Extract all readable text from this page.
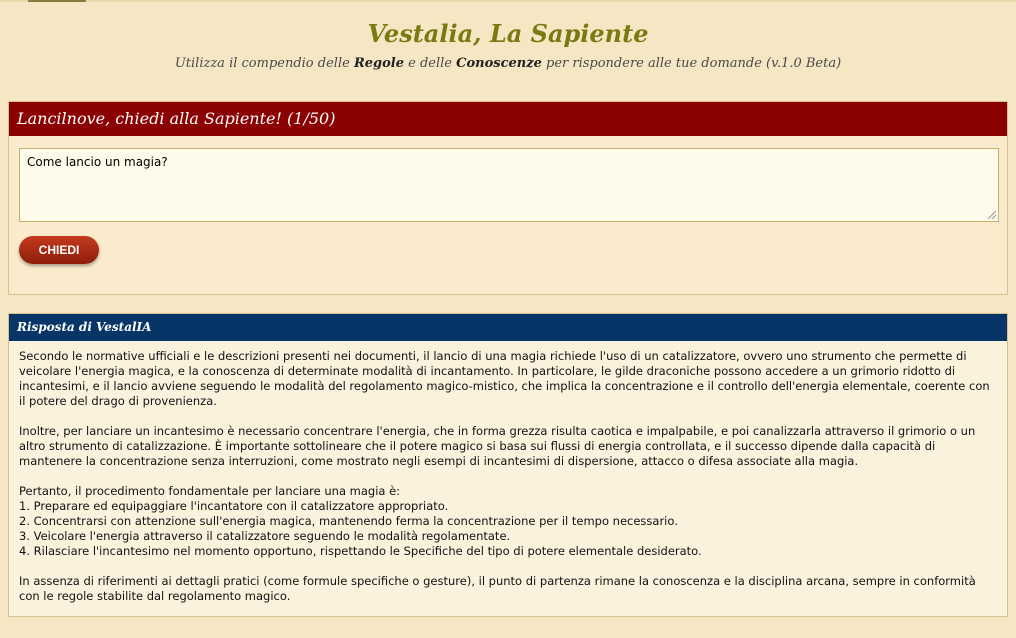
Vestalia, La Sapiente

Utilizza il compendio delle Regole e delle Conoscenze per rispondere alle tue domande (v.1.0 Beta)

Lancilnove, chiedi alla Sapiente! (1/50)
Come lancio un magia?
CHIEDI
Risposta di VestalIA

Secondo le normative ufficiali e le descrizioni presenti nei documenti, il lancio di una magia richiede l'uso di un catalizzatore, ovvero uno strumento che permette di veicolare l'energia magica, e la conoscenza di determinate modalità di incantamento. In particolare, le gilde draconiche possono accedere a un grimorio ridotto di incantesimi, e il lancio avviene seguendo le modalità del regolamento magico-mistico, che implica la concentrazione e il controllo dell'energia elementale, coerente con il potere del drago di provenienza.

Inoltre, per lanciare un incantesimo è necessario concentrare l'energia, che in forma grezza risulta caotica e impalpabile, e poi canalizzarla attraverso il grimorio o un altro strumento di catalizzazione. È importante sottolineare che il potere magico si basa sui flussi di energia controllata, e il successo dipende dalla capacità di mantenere la concentrazione senza interruzioni, come mostrato negli esempi di incantesimi di dispersione, attacco o difesa associate alla magia.

Pertanto, il procedimento fondamentale per lanciare una magia è:

1. Preparare ed equipaggiare l'incantatore con il catalizzatore appropriato.
2. Concentrarsi con attenzione sull'energia magica, mantenendo ferma la concentrazione per il tempo necessario.
3. Veicolare l'energia attraverso il catalizzatore seguendo le modalità regolamentate.
4. Rilasciare l'incantesimo nel momento opportuno, rispettando le Specifiche del tipo di potere elementale desiderato.

In assenza di riferimenti ai dettagli pratici (come formule specifiche o gesture), il punto di partenza rimane la conoscenza e la disciplina arcana, sempre in conformità con le regole stabilite dal regolamento magico.
